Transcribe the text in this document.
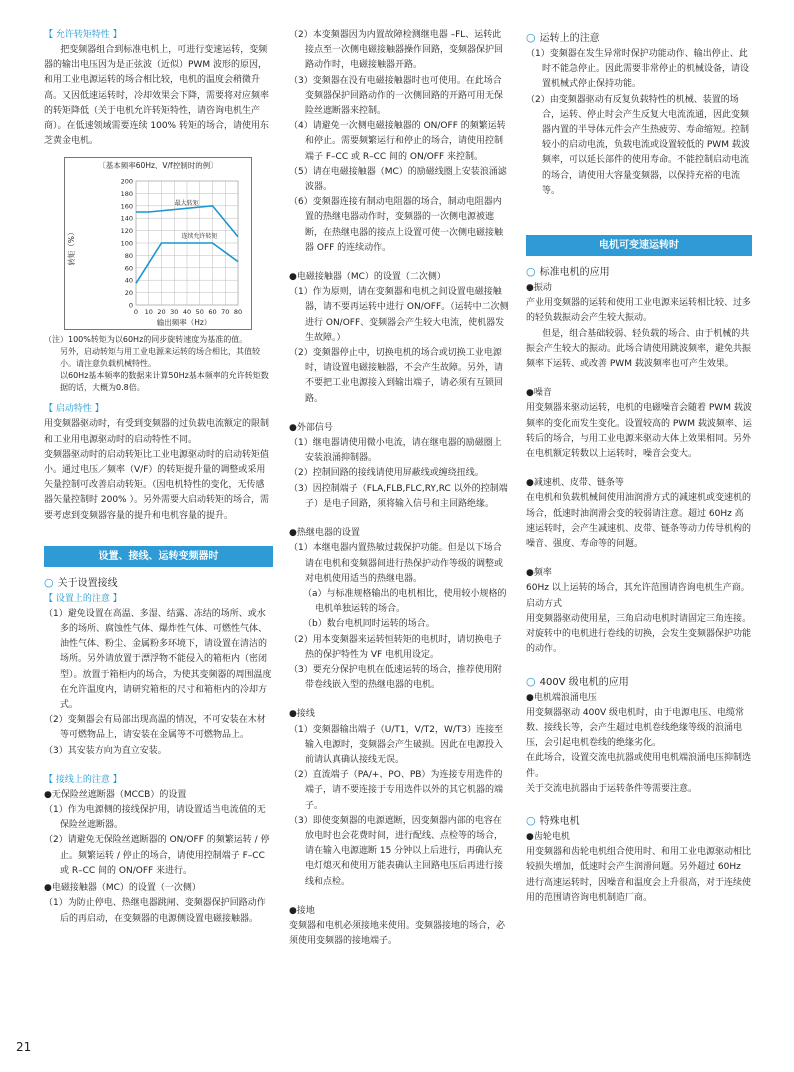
【 允许转矩特性 】

把变频器组合到标准电机上，可进行变速运转，变频器的输出电压因为是正弦波（近似）PWM 波形的原因，和用工业电源运转的场合相比较，电机的温度会稍微升高。又因低速运转时，冷却效果会下降，需要将对应频率的转矩降低（关于电机允许转矩特性，请咨询电机生产商）。在低速领域需要连续 100% 转矩的场合，请使用东芝黄金电机。

〔基本频率60Hz、V/f控制时的例〕
转矩（%）
输出频率（Hz）
0
20
40
60
80
100
120
140
160
180
200
0 10 20 30 40 50 60 70 80
最大转矩
连续允许转矩

（注）100%转矩为以60Hz的同步旋转速度为基准的值。

另外，启动转矩与用工业电源来运转的场合相比，其值较小。请注意负载机械特性。

以60Hz基本频率的数据来计算50Hz基本频率的允许转矩数据的话，大概为0.8倍。

【 启动特性 】

用变频器驱动时，有受到变频器的过负载电流额定的限制和工业用电源驱动时的启动特性不同。

变频器驱动时的启动转矩比工业电源驱动时的启动转矩值小。通过电压／频率（V/F）的转矩提升量的调整或采用矢量控制可改善启动转矩。（因电机特性的变化，无传感器矢量控制时 200% ）。另外需要大启动转矩的场合，需要考虑到变频器容量的提升和电机容量的提升。

设置、接线、运转变频器时

○ 关于设置接线

【 设置上的注意 】

（1）避免设置在高温、多湿、结露、冻结的场所、或水多的场所、腐蚀性气体、爆炸性气体、可燃性气体、油性气体、粉尘、金属粉多环境下，请设置在清洁的场所。另外请放置于漂浮物不能侵入的箱柜内（密闭型）。放置于箱柜内的场合，为使其变频器的周围温度在允许温度内，请研究箱柜的尺寸和箱柜内的冷却方式。

（2）变频器会有局部出现高温的情况，不可安装在木材等可燃物品上，请安装在金属等不可燃物品上。

（3）其安装方向为直立安装。

【 接线上的注意 】

●无保险丝遮断器（MCCB）的设置

（1）作为电源侧的接线保护用，请设置适当电流值的无保险丝遮断器。

（2）请避免无保险丝遮断器的 ON/OFF 的频繁运转 / 停止。频繁运转 / 停止的场合，请使用控制端子 F–CC 或 R–CC 间的 ON/OFF 来进行。

●电磁接触器（MC）的设置（一次侧）

（1）为防止停电、热继电器跳闸、变频器保护回路动作后的再启动，在变频器的电源侧设置电磁接触器。

（2）本变频器因为内置故障检测继电器 –FL、运转此接点至一次侧电磁接触器操作回路，变频器保护回路动作时，电磁接触器开路。

（3）变频器在没有电磁接触器时也可使用。在此场合变频器保护回路动作的一次侧回路的开路可用无保险丝遮断器来控制。

（4）请避免一次侧电磁接触器的 ON/OFF 的频繁运转和停止。需要频繁运行和停止的场合，请使用控制端子 F–CC 或 R–CC 间的 ON/OFF 来控制。

（5）请在电磁接触器（MC）的励磁线圈上安装浪涌滤波器。

（6）变频器连接有制动电阻器的场合，制动电阻器内置的热继电器动作时，变频器的一次侧电源被遮断，在热继电器的接点上设置可使一次侧电磁接触器 OFF 的连续动作。

●电磁接触器（MC）的设置（二次侧）

（1）作为原则，请在变频器和电机之间设置电磁接触器，请不要再运转中进行 ON/OFF。（运转中二次侧进行 ON/OFF、变频器会产生较大电流，使机器发生故障。）

（2）变频器停止中，切换电机的场合或切换工业电源时，请设置电磁接触器，不会产生故障。另外，请不要把工业电源接入到输出端子，请必须有互锁回路。

●外部信号

（1）继电器请使用微小电流，请在继电器的励磁圈上安装浪涌抑制器。

（2）控制回路的接线请使用屏蔽线或缠绕扭线。

（3）因控制端子（FLA,FLB,FLC,RY,RC 以外的控制端子）是电子回路，须将输入信号和主回路绝缘。

●热继电器的设置

（1）本继电器内置热敏过载保护功能。但是以下场合请在电机和变频器间进行热保护动作等级的调整或对电机使用适当的热继电器。

（a）与标准规格输出的电机相比，使用较小规格的电机单独运转的场合。

（b）数台电机同时运转的场合。

（2）用本变频器来运转恒转矩的电机时，请切换电子热的保护特性为 VF 电机用设定。

（3）要充分保护电机在低速运转的场合，推荐使用附带卷线嵌入型的热继电器的电机。

●接线

（1）变频器输出端子（U/T1，V/T2，W/T3）连接至输入电源时，变频器会产生破损。因此在电源投入前请认真确认接线无误。

（2）直流端子（PA/+、PO、PB）为连接专用选件的端子，请不要连接于专用选件以外的其它机器的端子。

（3）即使变频器的电源遮断，因变频器内部的电容在放电时也会花费时间，进行配线、点检等的场合，请在输入电源遮断 15 分钟以上后进行，再确认充电灯熄灭和使用万能表确认主回路电压后再进行接线和点检。

●接地

变频器和电机必须接地来使用。变频器接地的场合，必须使用变频器的接地端子。

○ 运转上的注意

（1）变频器在发生异常时保护功能动作、输出停止、此时不能急停止。因此需要非常停止的机械设备，请设置机械式停止保持功能。

（2）由变频器驱动有反复负载特性的机械、装置的场合，运转、停止时会产生反复大电流流通，因此变频器内置的半导体元件会产生热疲劳、寿命缩短。控制较小的启动电流，负载电流或设置较低的 PWM 载波频率，可以延长部件的使用寿命。不能控制启动电流的场合，请使用大容量变频器，以保持充裕的电流等。

电机可变速运转时

○ 标准电机的应用

●振动

产业用变频器的运转和使用工业电源来运转相比较、过多的轻负载振动会产生较大振动。

但是，组合基础较弱、轻负载的场合、由于机械的共振会产生较大的振动。此场合请使用跳波频率，避免共振频率下运转、或改善 PWM 载波频率也可产生效果。

●噪音

用变频器来驱动运转，电机的电磁噪音会随着 PWM 载波频率的变化而发生变化。设置较高的 PWM 载波频率、运转后的场合，与用工业电源来驱动大体上效果相同。另外在电机额定转数以上运转时，噪音会变大。

●减速机、皮带、链条等

在电机和负载机械间使用油润滑方式的减速机或变速机的场合，低速时油润滑会变的较弱请注意。超过 60Hz 高速运转时，会产生减速机、皮带、链条等动力传导机构的噪音、强度、寿命等的问题。

●频率

60Hz 以上运转的场合，其允许范围请咨询电机生产商。

启动方式

用变频器驱动使用星，三角启动电机时请固定三角连接。对旋转中的电机进行卷线的切换，会发生变频器保护功能的动作。

○ 400V 级电机的应用

●电机端浪涌电压

用变频器驱动 400V 级电机时，由于电源电压、电缆常数、接线长等，会产生超过电机卷线绝缘等级的浪涌电压，会引起电机卷线的绝缘劣化。

在此场合，设置交流电抗器或使用电机端浪涌电压抑制选件。

关于交流电抗器由于运转条件等需要注意。

○ 特殊电机

●齿轮电机

用变频器和齿轮电机组合使用时、和用工业电源驱动相比较损失增加，低速时会产生润滑问题。另外超过 60Hz 进行高速运转时，因噪音和温度会上升很高，对于连续使用的范围请咨询电机制造厂商。

21
